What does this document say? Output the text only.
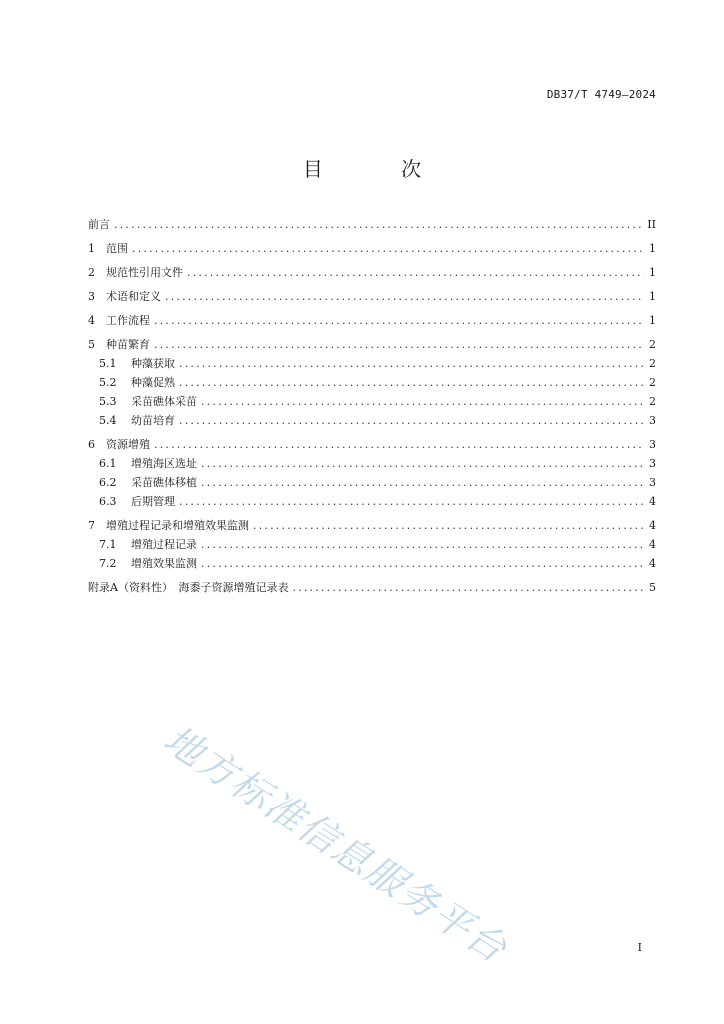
DB37/T 4749—2024
目 次
前言 .....	II
1	范围 .....	1
2	规范性引用文件 .....	1
3	术语和定义 .....	1
4	工作流程 .....	1
5	种苗繁育 .....	2
5.1	种藻获取 .....	2
5.2	种藻促熟 .....	2
5.3	采苗礁体采苗 .....	2
5.4	幼苗培育 .....	3
6	资源增殖 .....	3
6.1	增殖海区选址 .....	3
6.2	采苗礁体移植 .....	3
6.3	后期管理 .....	4
7	增殖过程记录和增殖效果监测 .....	4
7.1	增殖过程记录 .....	4
7.2	增殖效果监测 .....	4
附录A（资料性）　海黍子资源增殖记录表 .....	5
地方标准信息服务平台	I
